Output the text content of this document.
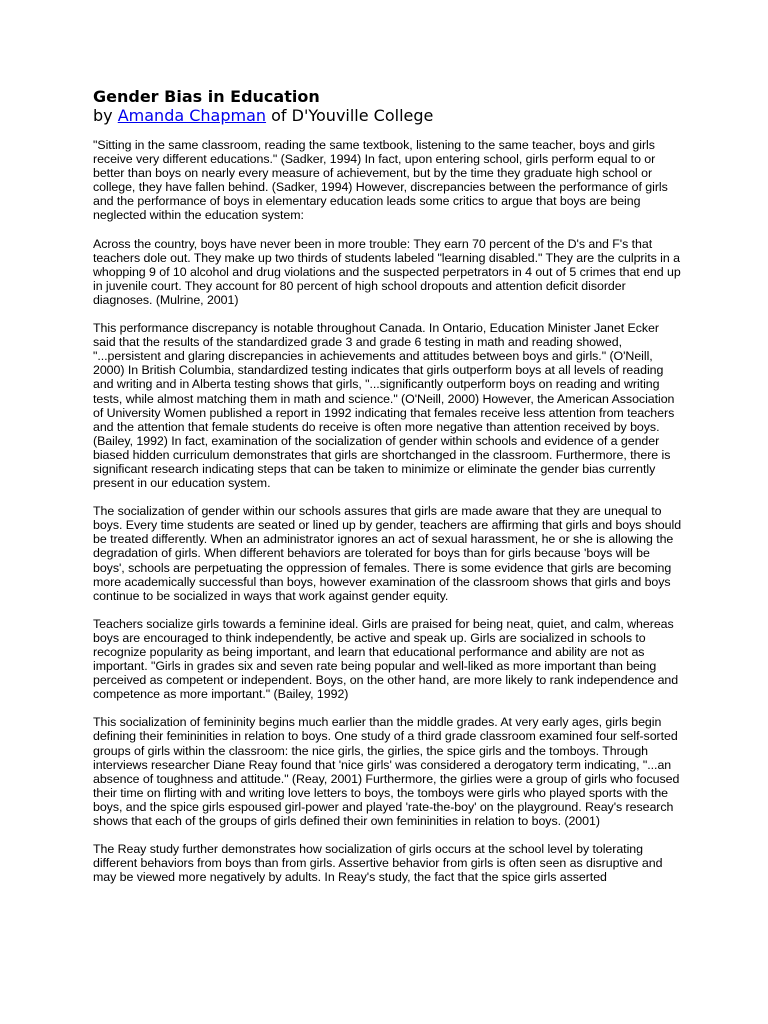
Gender Bias in Education
by Amanda Chapman of D'Youville College

"Sitting in the same classroom, reading the same textbook, listening to the same teacher, boys and girls receive very different educations." (Sadker, 1994) In fact, upon entering school, girls perform equal to or better than boys on nearly every measure of achievement, but by the time they graduate high school or college, they have fallen behind. (Sadker, 1994) However, discrepancies between the performance of girls and the performance of boys in elementary education leads some critics to argue that boys are being neglected within the education system:

Across the country, boys have never been in more trouble: They earn 70 percent of the D's and F's that teachers dole out. They make up two thirds of students labeled "learning disabled." They are the culprits in a whopping 9 of 10 alcohol and drug violations and the suspected perpetrators in 4 out of 5 crimes that end up in juvenile court. They account for 80 percent of high school dropouts and attention deficit disorder diagnoses. (Mulrine, 2001)

This performance discrepancy is notable throughout Canada. In Ontario, Education Minister Janet Ecker said that the results of the standardized grade 3 and grade 6 testing in math and reading showed, "...persistent and glaring discrepancies in achievements and attitudes between boys and girls." (O'Neill, 2000) In British Columbia, standardized testing indicates that girls outperform boys at all levels of reading and writing and in Alberta testing shows that girls, "...significantly outperform boys on reading and writing tests, while almost matching them in math and science." (O'Neill, 2000) However, the American Association of University Women published a report in 1992 indicating that females receive less attention from teachers and the attention that female students do receive is often more negative than attention received by boys. (Bailey, 1992) In fact, examination of the socialization of gender within schools and evidence of a gender biased hidden curriculum demonstrates that girls are shortchanged in the classroom. Furthermore, there is significant research indicating steps that can be taken to minimize or eliminate the gender bias currently present in our education system.

The socialization of gender within our schools assures that girls are made aware that they are unequal to boys. Every time students are seated or lined up by gender, teachers are affirming that girls and boys should be treated differently. When an administrator ignores an act of sexual harassment, he or she is allowing the degradation of girls. When different behaviors are tolerated for boys than for girls because 'boys will be boys', schools are perpetuating the oppression of females. There is some evidence that girls are becoming more academically successful than boys, however examination of the classroom shows that girls and boys continue to be socialized in ways that work against gender equity.

Teachers socialize girls towards a feminine ideal. Girls are praised for being neat, quiet, and calm, whereas boys are encouraged to think independently, be active and speak up. Girls are socialized in schools to recognize popularity as being important, and learn that educational performance and ability are not as important. "Girls in grades six and seven rate being popular and well-liked as more important than being perceived as competent or independent. Boys, on the other hand, are more likely to rank independence and competence as more important." (Bailey, 1992)

This socialization of femininity begins much earlier than the middle grades. At very early ages, girls begin defining their femininities in relation to boys. One study of a third grade classroom examined four self-sorted groups of girls within the classroom: the nice girls, the girlies, the spice girls and the tomboys. Through interviews researcher Diane Reay found that 'nice girls' was considered a derogatory term indicating, "...an absence of toughness and attitude." (Reay, 2001) Furthermore, the girlies were a group of girls who focused their time on flirting with and writing love letters to boys, the tomboys were girls who played sports with the boys, and the spice girls espoused girl-power and played 'rate-the-boy' on the playground. Reay's research shows that each of the groups of girls defined their own femininities in relation to boys. (2001)

The Reay study further demonstrates how socialization of girls occurs at the school level by tolerating different behaviors from boys than from girls. Assertive behavior from girls is often seen as disruptive and may be viewed more negatively by adults. In Reay's study, the fact that the spice girls asserted
